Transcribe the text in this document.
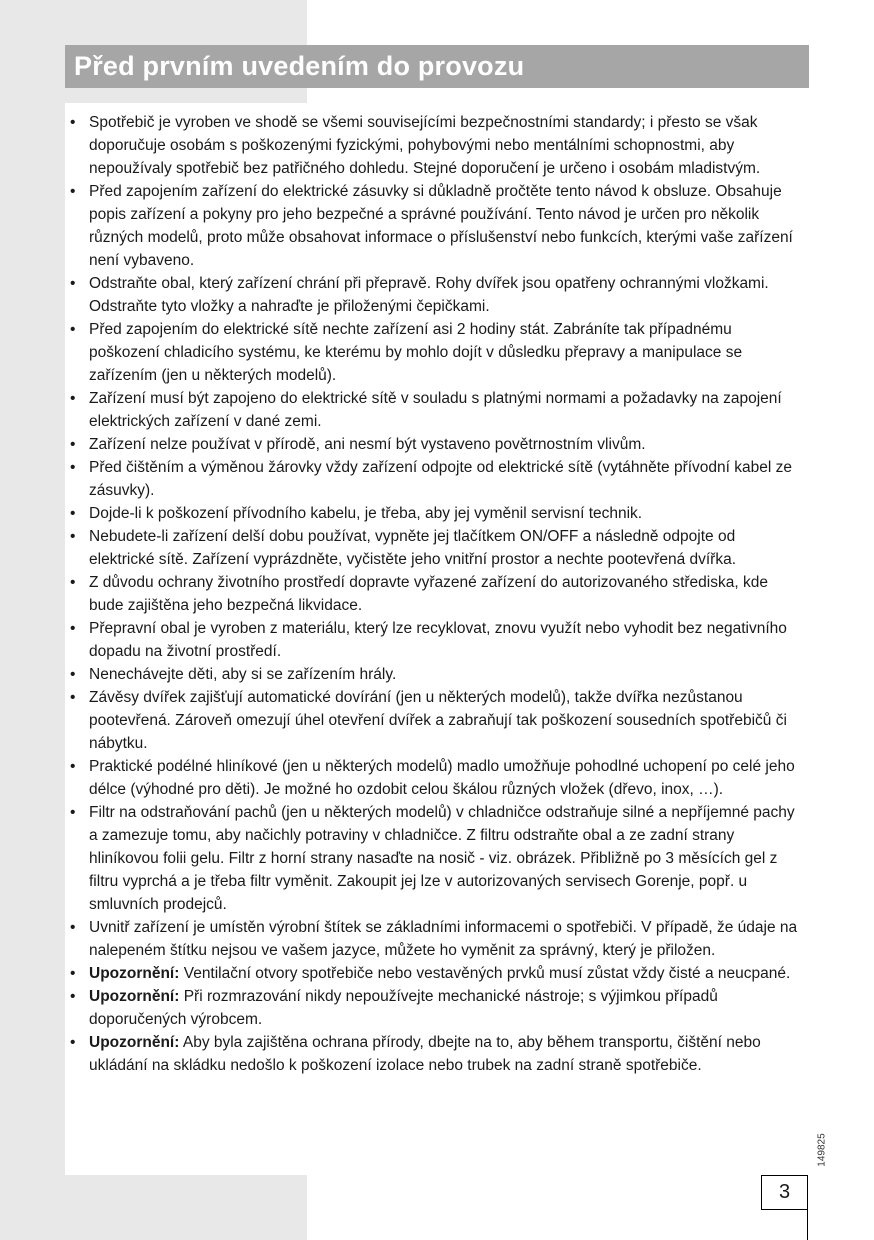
Před prvním uvedením do provozu
• Spotřebič je vyroben ve shodě se všemi souvisejícími bezpečnostními standardy; i přesto se však doporučuje osobám s poškozenými fyzickými, pohybovými nebo mentálními schopnostmi, aby nepoužívaly spotřebič bez patřičného dohledu. Stejné doporučení je určeno i osobám mladistvým.
• Před zapojením zařízení do elektrické zásuvky si důkladně pročtěte tento návod k obsluze. Obsahuje popis zařízení a pokyny pro jeho bezpečné a správné používání. Tento návod je určen pro několik různých modelů, proto může obsahovat informace o příslušenství nebo funkcích, kterými vaše zařízení není vybaveno.
• Odstraňte obal, který zařízení chrání při přepravě. Rohy dvířek jsou opatřeny ochrannými vložkami. Odstraňte tyto vložky a nahraďte je přiloženými čepičkami.
• Před zapojením do elektrické sítě nechte zařízení asi 2 hodiny stát. Zabráníte tak případnému poškození chladicího systému, ke kterému by mohlo dojít v důsledku přepravy a manipulace se zařízením (jen u některých modelů).
• Zařízení musí být zapojeno do elektrické sítě v souladu s platnými normami a požadavky na zapojení elektrických zařízení v dané zemi.
• Zařízení nelze používat v přírodě, ani nesmí být vystaveno povětrnostním vlivům.
• Před čištěním a výměnou žárovky vždy zařízení odpojte od elektrické sítě (vytáhněte přívodní kabel ze zásuvky).
• Dojde-li k poškození přívodního kabelu, je třeba, aby jej vyměnil servisní technik.
• Nebudete-li zařízení delší dobu používat, vypněte jej tlačítkem ON/OFF a následně odpojte od elektrické sítě. Zařízení vyprázdněte, vyčistěte jeho vnitřní prostor a nechte pootevřená dvířka.
• Z důvodu ochrany životního prostředí dopravte vyřazené zařízení do autorizovaného střediska, kde bude zajištěna jeho bezpečná likvidace.
• Přepravní obal je vyroben z materiálu, který lze recyklovat, znovu využít nebo vyhodit bez negativního dopadu na životní prostředí.
• Nenechávejte děti, aby si se zařízením hrály.
• Závěsy dvířek zajišťují automatické dovírání (jen u některých modelů), takže dvířka nezůstanou pootevřená. Zároveň omezují úhel otevření dvířek a zabraňují tak poškození sousedních spotřebičů či nábytku.
• Praktické podélné hliníkové (jen u některých modelů) madlo umožňuje pohodlné uchopení po celé jeho délce (výhodné pro děti). Je možné ho ozdobit celou škálou různých vložek (dřevo, inox, …).
• Filtr na odstraňování pachů (jen u některých modelů) v chladničce odstraňuje silné a nepříjemné pachy a zamezuje tomu, aby načichly potraviny v chladničce. Z filtru odstraňte obal a ze zadní strany hliníkovou folii gelu. Filtr z horní strany nasaďte na nosič - viz. obrázek. Přibližně po 3 měsících gel z filtru vyprchá a je třeba filtr vyměnit. Zakoupit jej lze v autorizovaných servisech Gorenje, popř. u smluvních prodejců.
• Uvnitř zařízení je umístěn výrobní štítek se základními informacemi o spotřebiči. V případě, že údaje na nalepeném štítku nejsou ve vašem jazyce, můžete ho vyměnit za správný, který je přiložen.
• Upozornění: Ventilační otvory spotřebiče nebo vestavěných prvků musí zůstat vždy čisté a neucpané.
• Upozornění: Při rozmrazování nikdy nepoužívejte mechanické nástroje; s výjimkou případů doporučených výrobcem.
• Upozornění: Aby byla zajištěna ochrana přírody, dbejte na to, aby během transportu, čištění nebo ukládání na skládku nedošlo k poškození izolace nebo trubek na zadní straně spotřebiče.
149825
3
